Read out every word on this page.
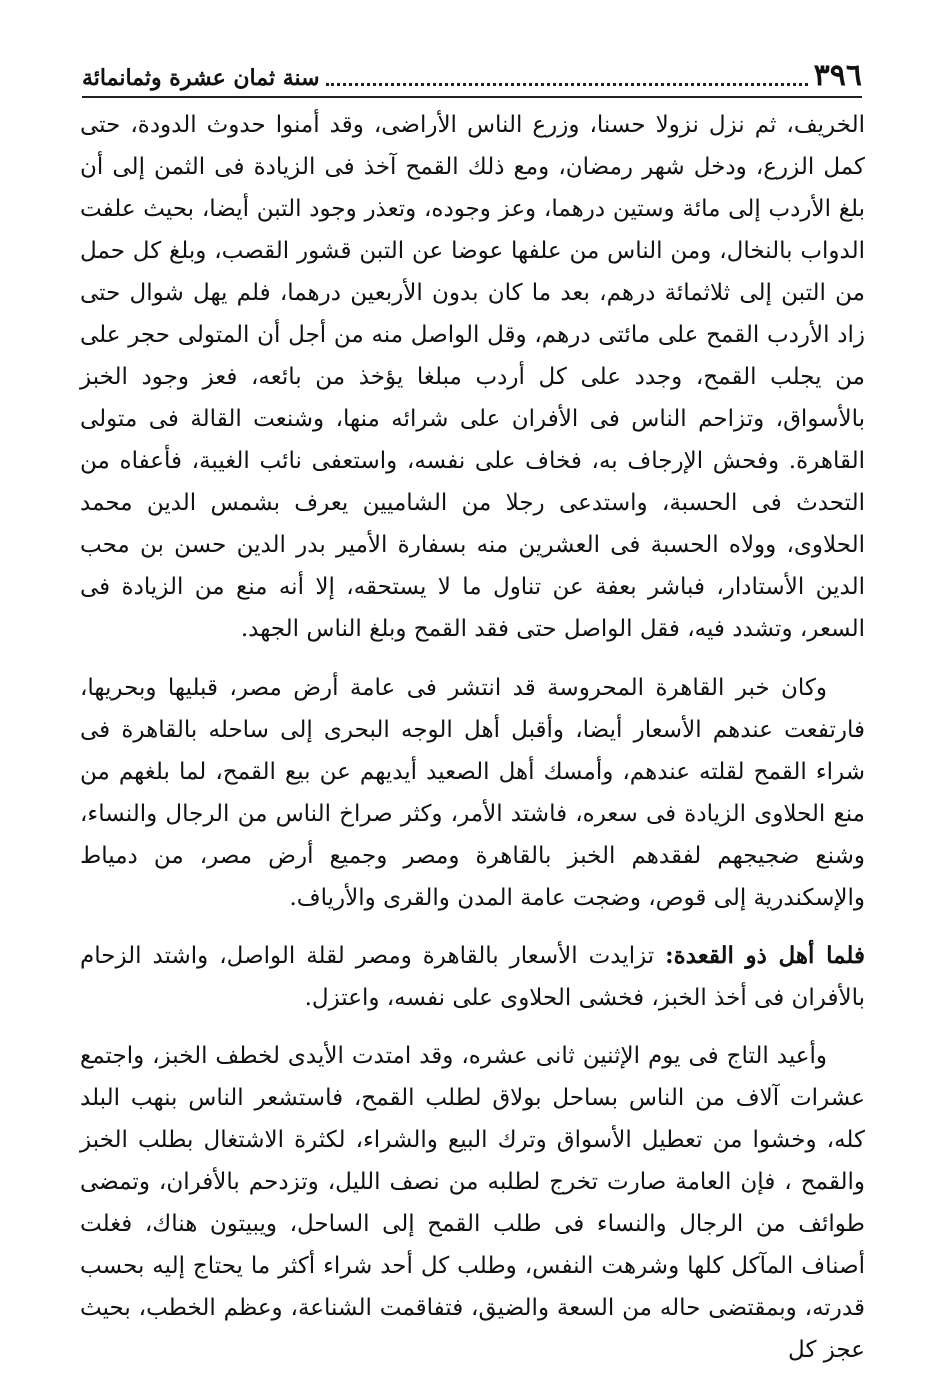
٣٩٦
سنة ثمان عشرة وثمانمائة

الخريف، ثم نزل نزولا حسنا، وزرع الناس الأراضى، وقد أمنوا حدوث الدودة، حتى كمل الزرع، ودخل شهر رمضان، ومع ذلك القمح آخذ فى الزيادة فى الثمن إلى أن بلغ الأردب إلى مائة وستين درهما، وعز وجوده، وتعذر وجود التبن أيضا، بحيث علفت الدواب بالنخال، ومن الناس من علفها عوضا عن التبن قشور القصب، وبلغ كل حمل من التبن إلى ثلاثمائة درهم، بعد ما كان بدون الأربعين درهما، فلم يهل شوال حتى زاد الأردب القمح على مائتى درهم، وقل الواصل منه من أجل أن المتولى حجر على من يجلب القمح، وجدد على كل أردب مبلغا يؤخذ من بائعه، فعز وجود الخبز بالأسواق، وتزاحم الناس فى الأفران على شرائه منها، وشنعت القالة فى متولى القاهرة. وفحش الإرجاف به، فخاف على نفسه، واستعفى نائب الغيبة، فأعفاه من التحدث فى الحسبة، واستدعى رجلا من الشاميين يعرف بشمس الدين محمد الحلاوى، وولاه الحسبة فى العشرين منه بسفارة الأمير بدر الدين حسن بن محب الدين الأستادار، فباشر بعفة عن تناول ما لا يستحقه، إلا أنه منع من الزيادة فى السعر، وتشدد فيه، فقل الواصل حتى فقد القمح وبلغ الناس الجهد.

وكان خبر القاهرة المحروسة قد انتشر فى عامة أرض مصر، قبليها وبحريها، فارتفعت عندهم الأسعار أيضا، وأقبل أهل الوجه البحرى إلى ساحله بالقاهرة فى شراء القمح لقلته عندهم، وأمسك أهل الصعيد أيديهم عن بيع القمح، لما بلغهم من منع الحلاوى الزيادة فى سعره، فاشتد الأمر، وكثر صراخ الناس من الرجال والنساء، وشنع ضجيجهم لفقدهم الخبز بالقاهرة ومصر وجميع أرض مصر، من دمياط والإسكندرية إلى قوص، وضجت عامة المدن والقرى والأرياف.

فلما أهل ذو القعدة: تزايدت الأسعار بالقاهرة ومصر لقلة الواصل، واشتد الزحام بالأفران فى أخذ الخبز، فخشى الحلاوى على نفسه، واعتزل.

وأعيد التاج فى يوم الإثنين ثانى عشره، وقد امتدت الأيدى لخطف الخبز، واجتمع عشرات آلاف من الناس بساحل بولاق لطلب القمح، فاستشعر الناس بنهب البلد كله، وخشوا من تعطيل الأسواق وترك البيع والشراء، لكثرة الاشتغال بطلب الخبز والقمح ، فإن العامة صارت تخرج لطلبه من نصف الليل، وتزدحم بالأفران، وتمضى طوائف من الرجال والنساء فى طلب القمح إلى الساحل، ويبيتون هناك، فغلت أصناف المآكل كلها وشرهت النفس، وطلب كل أحد شراء أكثر ما يحتاج إليه بحسب قدرته، وبمقتضى حاله من السعة والضيق، فتفاقمت الشناعة، وعظم الخطب، بحيث عجز كل
